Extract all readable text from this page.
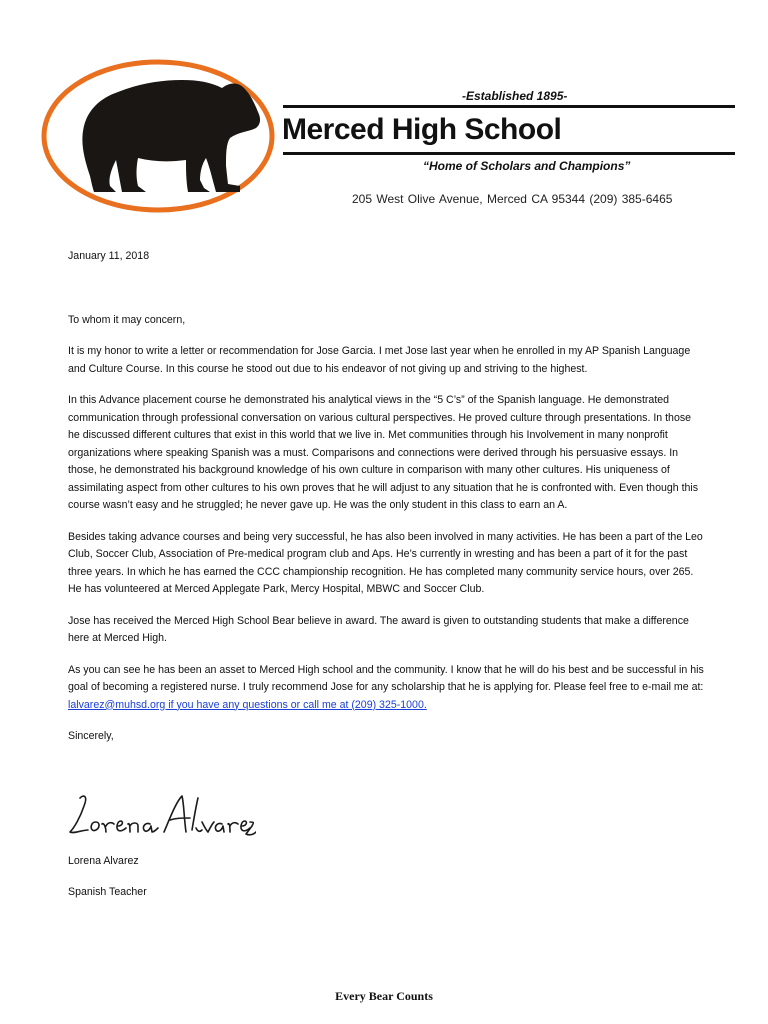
-Established 1895-
Merced High School
“Home of Scholars and Champions”
205 West Olive Avenue, Merced CA 95344 (209) 385-6465

January 11, 2018

To whom it may concern,

It is my honor to write a letter or recommendation for Jose Garcia. I met Jose last year when he enrolled in my AP Spanish Language and Culture Course. In this course he stood out due to his endeavor of not giving up and striving to the highest.

In this Advance placement course he demonstrated his analytical views in the “5 C’s” of the Spanish language. He demonstrated communication through professional conversation on various cultural perspectives. He proved culture through presentations. In those he discussed different cultures that exist in this world that we live in. Met communities through his Involvement in many nonprofit organizations where speaking Spanish was a must. Comparisons and connections were derived through his persuasive essays. In those, he demonstrated his background knowledge of his own culture in comparison with many other cultures. His uniqueness of assimilating aspect from other cultures to his own proves that he will adjust to any situation that he is confronted with. Even though this course wasn’t easy and he struggled; he never gave up. He was the only student in this class to earn an A.

Besides taking advance courses and being very successful, he has also been involved in many activities. He has been a part of the Leo Club, Soccer Club, Association of Pre-medical program club and Aps. He’s currently in wresting and has been a part of it for the past three years. In which he has earned the CCC championship recognition. He has completed many community service hours, over 265. He has volunteered at Merced Applegate Park, Mercy Hospital, MBWC and Soccer Club.

Jose has received the Merced High School Bear believe in award. The award is given to outstanding students that make a difference here at Merced High.

As you can see he has been an asset to Merced High school and the community. I know that he will do his best and be successful in his goal of becoming a registered nurse. I truly recommend Jose for any scholarship that he is applying for. Please feel free to e-mail me at: lalvarez@muhsd.org if you have any questions or call me at (209) 325-1000.

Sincerely,

Lorena Alvarez
Spanish Teacher
Every Bear Counts
